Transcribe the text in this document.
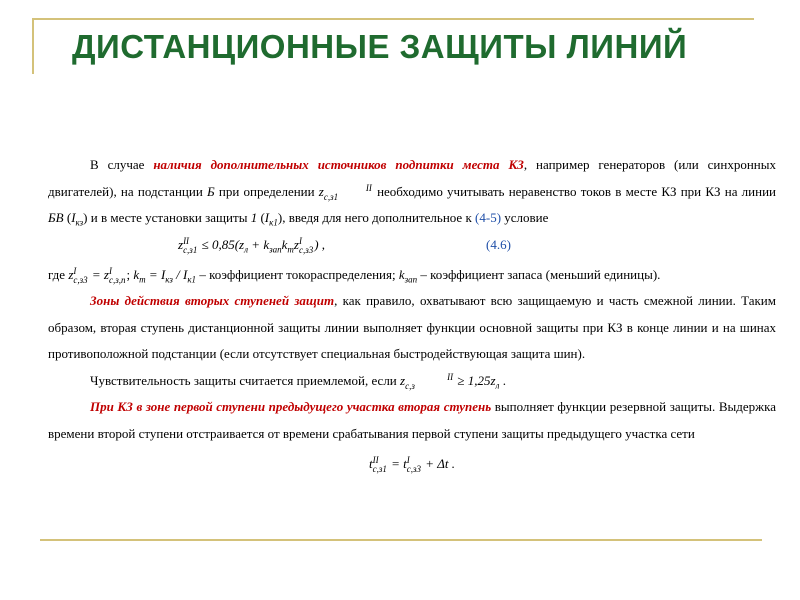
ДИСТАНЦИОННЫЕ ЗАЩИТЫ ЛИНИЙ

В случае наличия дополнительных источников подпитки места КЗ, например генераторов (или синхронных двигателей), на подстанции Б при определении z	II
c,з1	необходимо учитывать неравенство токов в месте КЗ при КЗ на линии БВ $(I_{кз})$ и в месте установки защиты 1 $(I_{к1})$, введя для него дополнительное к (4-5) условие

zII
$c,з1 \le 0,85(z_л + k_{зап}k_тzI$
c,з3) ,	(4.6)

где zI
c,з3 = zI
c,з,п; $k_т = I_{кз} / I_{к1}$ – коэффициент токораспределения; $k_{зап}$ – коэффициент запаса (меньший единицы).

Зоны действия вторых ступеней защит, как правило, охватывают всю защищаемую и часть смежной линии. Таким образом, вторая ступень дистанционной защиты линии выполняет функции основной защиты при КЗ в конце линии и на шинах противоположной подстанции (если отсутствует специальная быстродействующая защита шин).

Чувствительность защиты считается приемлемой, если z	II
c,з	≥ $1,25z_л$ .

При КЗ в зоне первой ступени предыдущего участка вторая ступень выполняет функции резервной защиты. Выдержка времени второй ступени отстраивается от времени срабатывания первой ступени защиты предыдущего участка сети

tII
c,з1 = tI
c,з3 + Δt .
